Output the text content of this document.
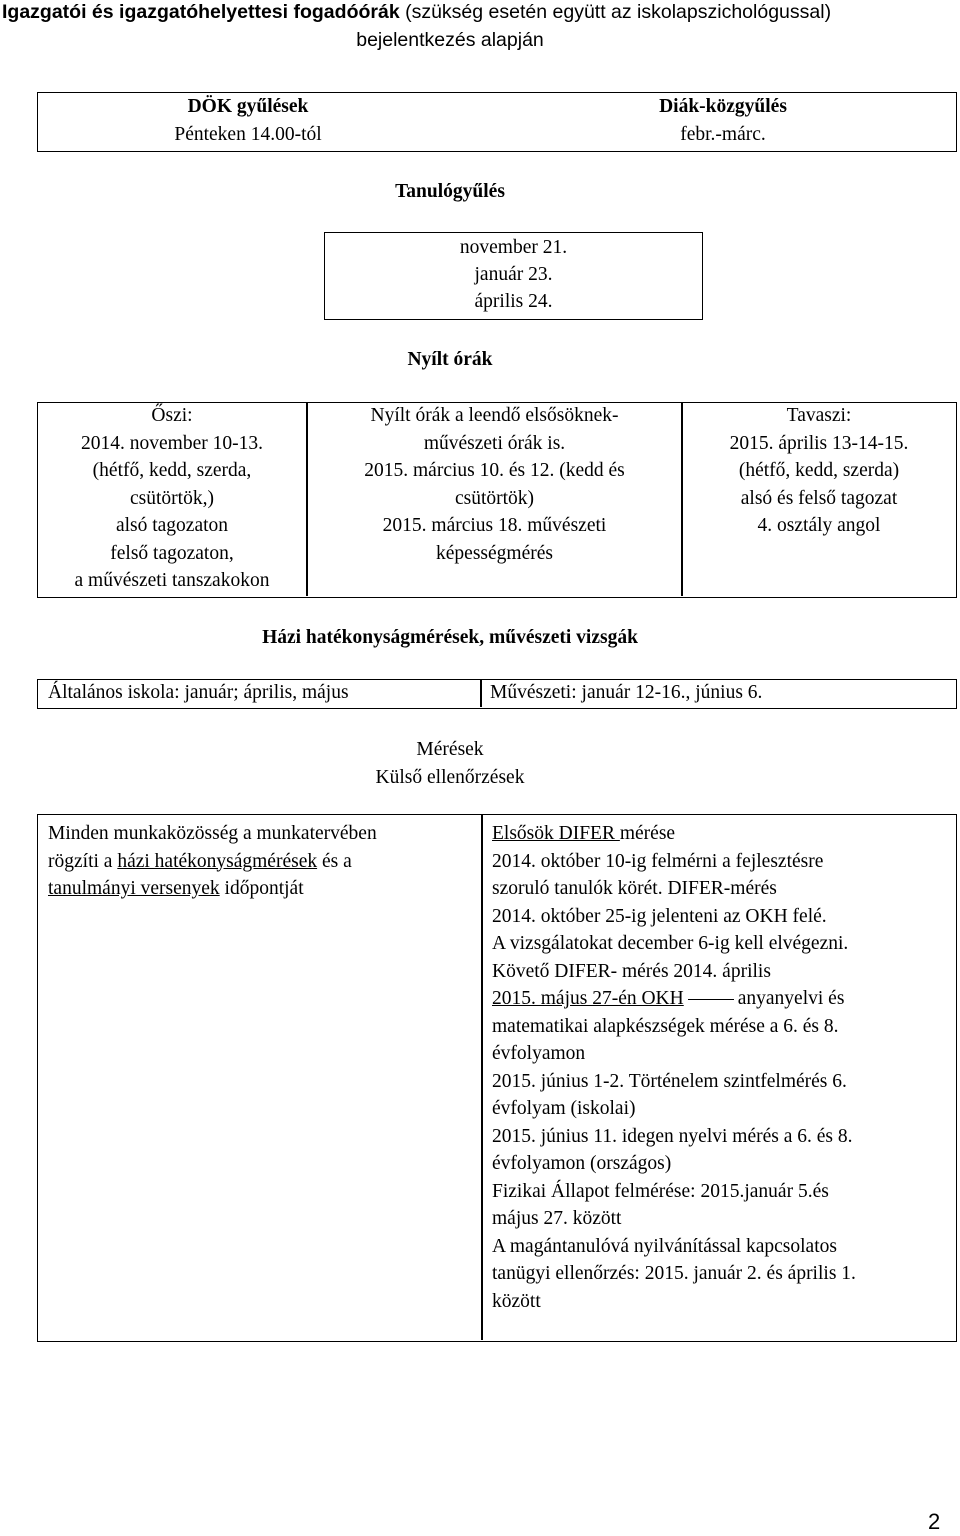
Igazgatói és igazgatóhelyettesi fogadóórák (szükség esetén együtt az iskolapszichológussal)
bejelentkezés alapján
DÖK gyűlések
Pénteken 14.00-tól
Diák-közgyűlés
febr.-márc.
Tanulógyűlés
november 21.
január 23.
április 24.
Nyílt órák
Őszi:
2014. november 10-13.
(hétfő, kedd, szerda,
csütörtök,)
alsó tagozaton
felső tagozaton,
a művészeti tanszakokon
Nyílt órák a leendő elsősöknek-
művészeti órák is.
2015. március 10. és 12. (kedd és
csütörtök)
2015. március 18. művészeti
képességmérés
Tavaszi:
2015. április 13-14-15.
(hétfő, kedd, szerda)
alsó és felső tagozat
4. osztály angol
Házi hatékonyságmérések, művészeti vizsgák
Általános iskola: január; április, május	Művészeti: január 12-16., június 6.
Mérések
Külső ellenőrzések
Minden munkaközösség a munkatervében
rögzíti a házi hatékonyságmérések és a
tanulmányi versenyek időpontját
Elsősök DIFER mérése
2014. október 10-ig felmérni a fejlesztésre
szoruló tanulók körét. DIFER-mérés
2014. október 25-ig jelenteni az OKH felé.
A vizsgálatokat december 6-ig kell elvégezni.
Követő DIFER- mérés 2014. április
2015. május 27-én OKH	anyanyelvi és
matematikai alapkészségek mérése a 6. és 8.
évfolyamon
2015. június 1-2. Történelem szintfelmérés 6.
évfolyam (iskolai)
2015. június 11. idegen nyelvi mérés a 6. és 8.
évfolyamon (országos)
Fizikai Állapot felmérése: 2015.január 5.és
május 27. között
A magántanulóvá nyilvánítással kapcsolatos
tanügyi ellenőrzés: 2015. január 2. és április 1.
között
2
